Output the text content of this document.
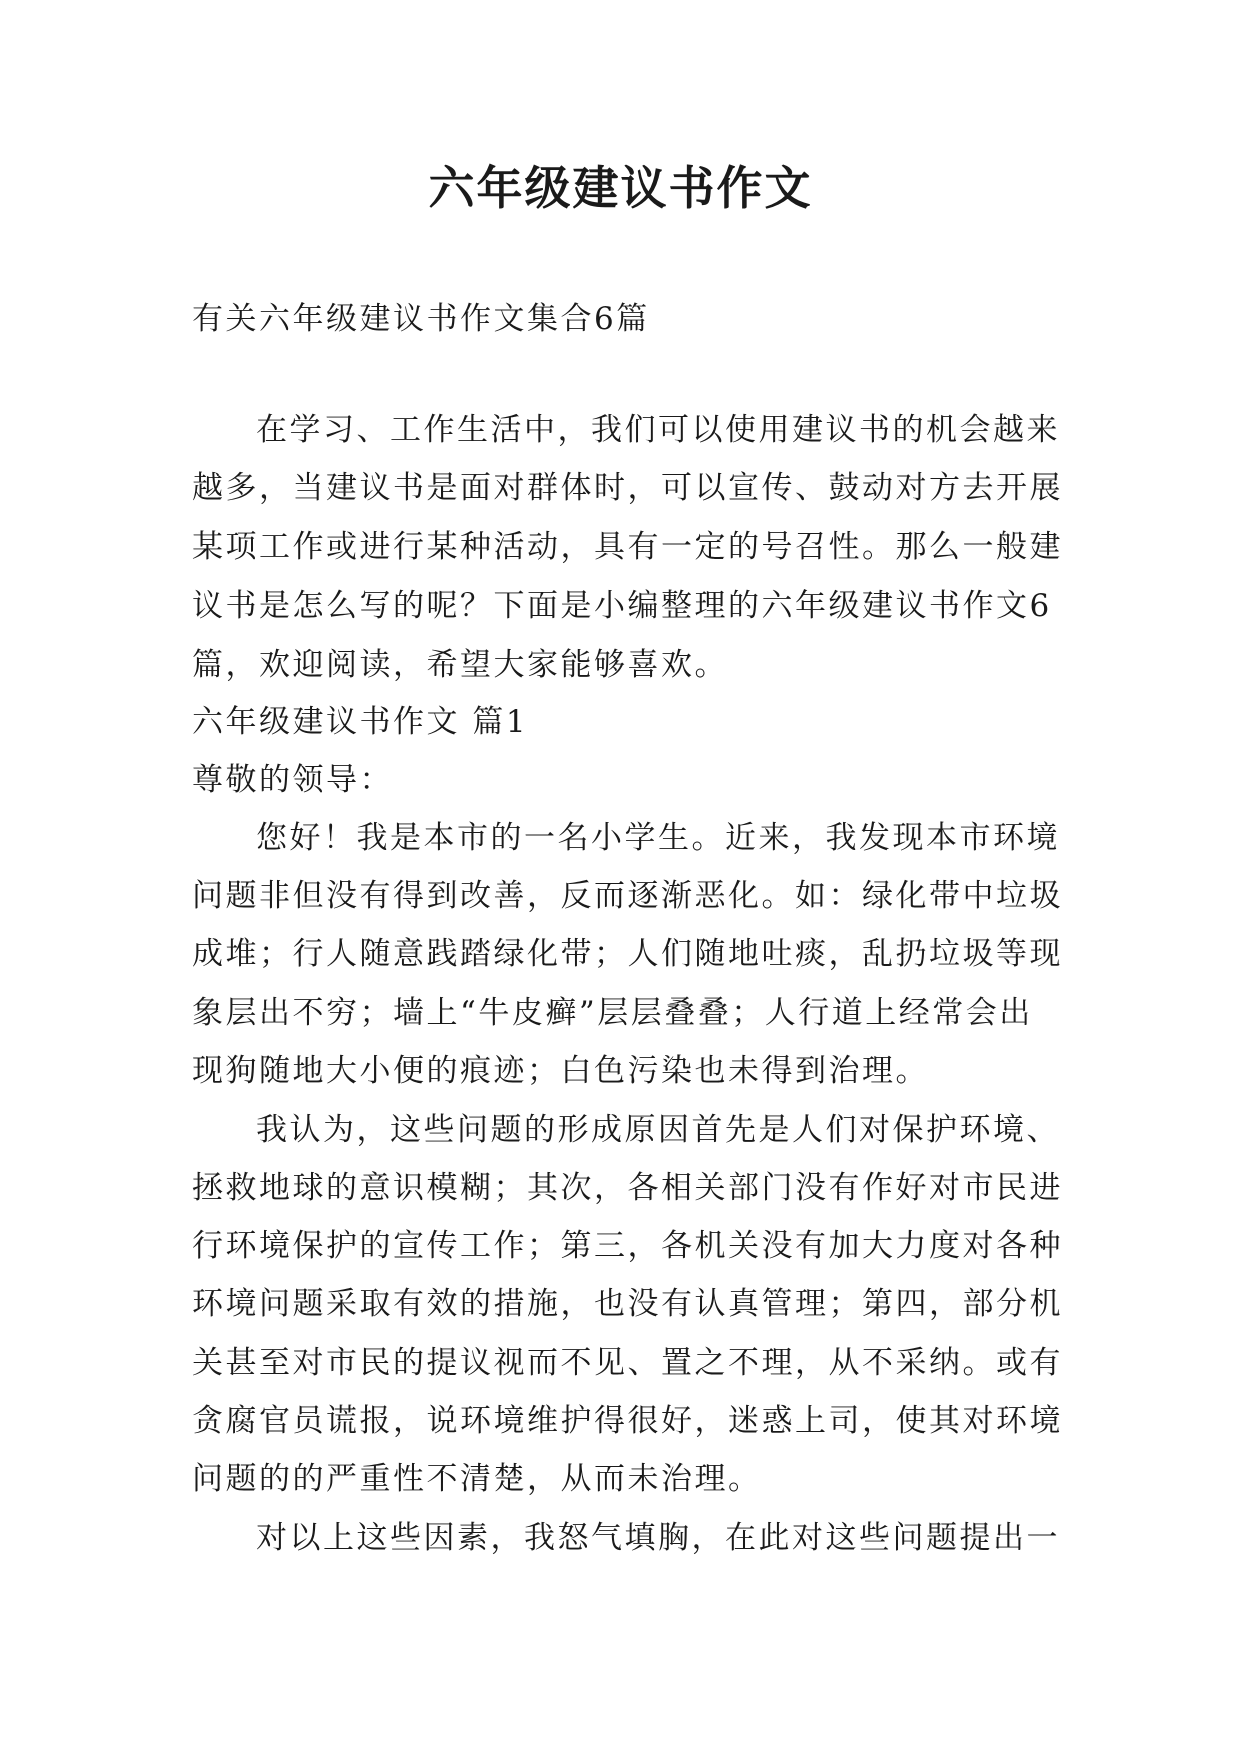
六年级建议书作文

有关六年级建议书作文集合6篇

在学习、工作生活中，我们可以使用建议书的机会越来

越多，当建议书是面对群体时，可以宣传、鼓动对方去开展

某项工作或进行某种活动，具有一定的号召性。那么一般建

议书是怎么写的呢？下面是小编整理的六年级建议书作文6

篇，欢迎阅读，希望大家能够喜欢。

六年级建议书作文 篇1

尊敬的领导：

您好！我是本市的一名小学生。近来，我发现本市环境

问题非但没有得到改善，反而逐渐恶化。如：绿化带中垃圾

成堆；行人随意践踏绿化带；人们随地吐痰，乱扔垃圾等现

象层出不穷；墙上“牛皮癣”层层叠叠；人行道上经常会出

现狗随地大小便的痕迹；白色污染也未得到治理。

我认为，这些问题的形成原因首先是人们对保护环境、

拯救地球的意识模糊；其次，各相关部门没有作好对市民进

行环境保护的宣传工作；第三，各机关没有加大力度对各种

环境问题采取有效的措施，也没有认真管理；第四，部分机

关甚至对市民的提议视而不见、置之不理，从不采纳。或有

贪腐官员谎报，说环境维护得很好，迷惑上司，使其对环境

问题的的严重性不清楚，从而未治理。

对以上这些因素，我怒气填胸，在此对这些问题提出一
